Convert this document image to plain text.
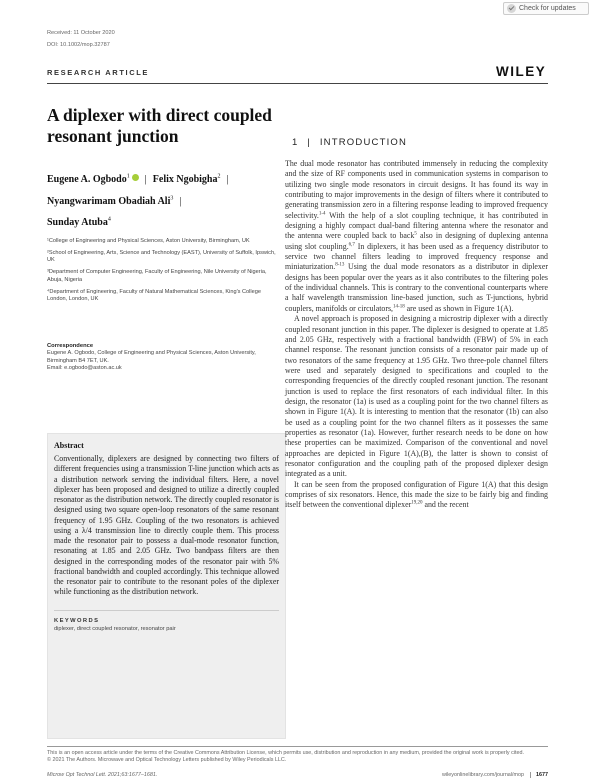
Received: 11 October 2020
DOI: 10.1002/mop.32787
Check for updates
RESEARCH ARTICLE	WILEY
A diplexer with direct coupled resonant junction
Eugene A. Ogbodo$^1$ | Felix Ngobigha$^2$ |
Nyangwarimam Obadiah Ali$^3$ |
Sunday Atuba$^4$

¹College of Engineering and Physical Sciences, Aston University, Birmingham, UK

²School of Engineering, Arts, Science and Technology (EAST), University of Suffolk, Ipswich, UK

³Department of Computer Engineering, Faculty of Engineering, Nile University of Nigeria, Abuja, Nigeria

⁴Department of Engineering, Faculty of Natural Mathematical Sciences, King's College London, London, UK

Correspondence
Eugene A. Ogbodo, College of Engineering and Physical Sciences, Aston University, Birmingham B4 7ET, UK.
Email: e.ogbodo@aston.ac.uk
Abstract
Conventionally, diplexers are designed by connecting two filters of different frequencies using a transmission T-line junction which acts as a distribution network serving the individual filters. Here, a novel diplexer has been proposed and designed to utilize a directly coupled resonator as the distribution network. The directly coupled resonator is designed using two square open-loop resonators of the same resonant frequency of 1.95 GHz. Coupling of the two resonators is achieved using a λ/4 transmission line to directly couple them. This process made the resonator pair to possess a dual-mode resonator function, resonating at 1.85 and 2.05 GHz. Two bandpass filters are then designed in the corresponding modes of the resonator pair with 5% fractional bandwidth and coupled accordingly. This technique allowed the resonator pair to contribute to the resonant poles of the diplexer while functioning as the distribution network.
KEYWORDS
diplexer, direct coupled resonator, resonator pair
1 | INTRODUCTION

The dual mode resonator has contributed immensely in reducing the complexity and the size of RF components used in communication systems in comparison to utilizing two single mode resonators in circuit designs. It has found its way in contributing to major improvements in the design of filters where it contributed to generating transmission zero in a filtering response leading to improved frequency selectivity.$^{1-4}$ With the help of a slot coupling technique, it has contributed in designing a highly compact dual-band filtering antenna where the resonator and the antenna were coupled back to back$^5$ also in designing of duplexing antenna using slot coupling.$^{6,7}$ In diplexers, it has been used as a frequency distributor to service two channel filters leading to improved frequency response and miniaturization.$^{8-13}$ Using the dual mode resonators as a distributor in diplexer designs has been popular over the years as it also contributes to the filtering poles of the individual channels. This is contrary to the conventional counterparts where a half wavelength transmission line-based junction, such as T-junctions, hybrid couplers, manifolds or circulators,$^{14-18}$ are used as shown in Figure 1(A).

A novel approach is proposed in designing a microstrip diplexer with a directly coupled resonant junction in this paper. The diplexer is designed to operate at 1.85 and 2.05 GHz, respectively with a fractional bandwidth (FBW) of 5% in each channel response. The resonant junction consists of a resonator pair made up of two resonators of the same frequency at 1.95 GHz. Two three-pole channel filters were used and separately designed to specifications and coupled to the corresponding frequencies of the directly coupled resonant junction. The resonant junction is used to replace the first resonators of each individual filter. In this design, the resonator (1a) is used as a coupling point for the two channel filters as shown in Figure 1(A). It is interesting to mention that the resonator (1b) can also be used as a coupling point for the two channel filters as it possesses the same properties as resonator (1a). However, further research needs to be done on how these properties can be maximized. Comparison of the conventional and novel approaches are depicted in Figure 1(A),(B), the latter is shown to consist of resonator configuration and the coupling path of the proposed diplexer design integrated as a unit.

It can be seen from the proposed configuration of Figure 1(A) that this design comprises of six resonators. Hence, this made the size to be fairly big and finding itself between the conventional diplexer$^{19,20}$ and the recent

This is an open access article under the terms of the Creative Commons Attribution License, which permits use, distribution and reproduction in any medium, provided the original work is properly cited.
© 2021 The Authors. Microwave and Optical Technology Letters published by Wiley Periodicals LLC.
Microw Opt Technol Lett. 2021;63:1677–1681.	wileyonlinelibrary.com/journal/mop 1677
